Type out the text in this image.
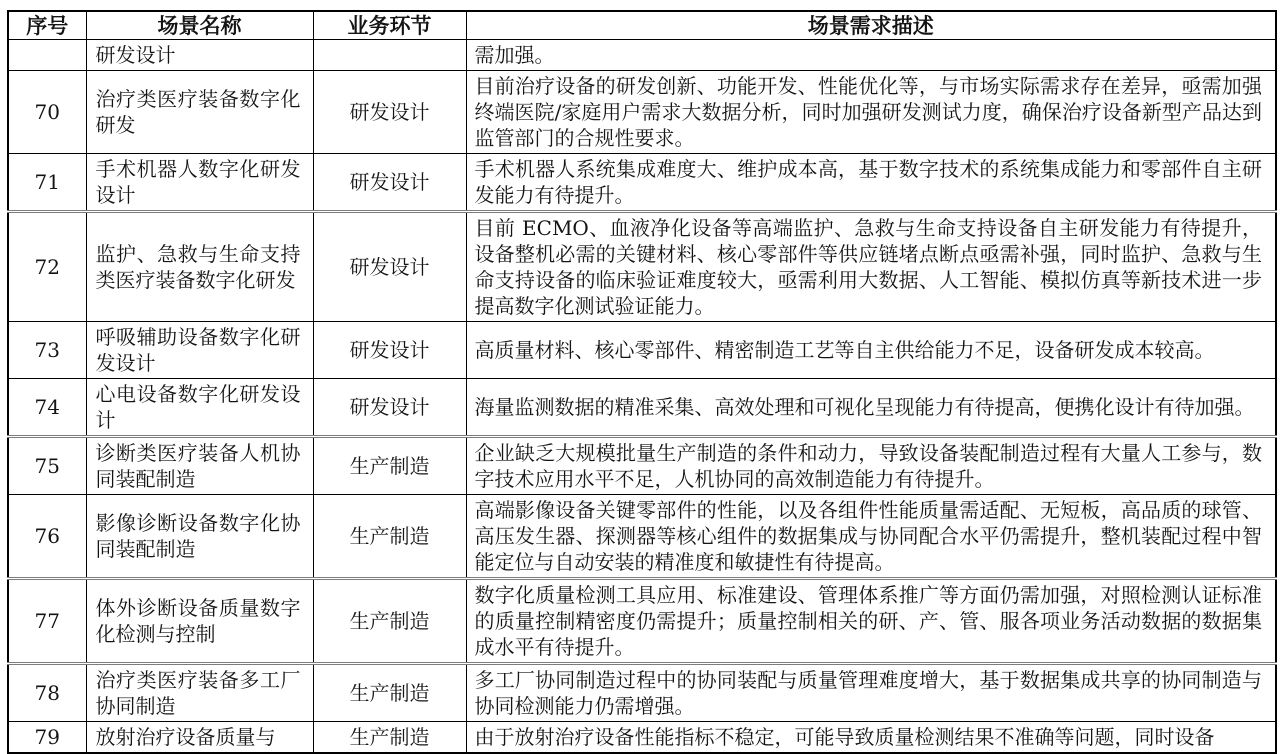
序号	场景名称	业务环节	场景需求描述
	研发设计		需加强。
70	治疗类医疗装备数字化研发	研发设计	目前治疗设备的研发创新、功能开发、性能优化等，与市场实际需求存在差异，亟需加强终端医院/家庭用户需求大数据分析，同时加强研发测试力度，确保治疗设备新型产品达到监管部门的合规性要求。
71	手术机器人数字化研发设计	研发设计	手术机器人系统集成难度大、维护成本高，基于数字技术的系统集成能力和零部件自主研发能力有待提升。
72	监护、急救与生命支持类医疗装备数字化研发	研发设计	目前 ECMO、血液净化设备等高端监护、急救与生命支持设备自主研发能力有待提升，设备整机必需的关键材料、核心零部件等供应链堵点断点亟需补强，同时监护、急救与生命支持设备的临床验证难度较大，亟需利用大数据、人工智能、模拟仿真等新技术进一步提高数字化测试验证能力。
73	呼吸辅助设备数字化研发设计	研发设计	高质量材料、核心零部件、精密制造工艺等自主供给能力不足，设备研发成本较高。
74	心电设备数字化研发设计	研发设计	海量监测数据的精准采集、高效处理和可视化呈现能力有待提高，便携化设计有待加强。
75	诊断类医疗装备人机协同装配制造	生产制造	企业缺乏大规模批量生产制造的条件和动力，导致设备装配制造过程有大量人工参与，数字技术应用水平不足，人机协同的高效制造能力有待提升。
76	影像诊断设备数字化协同装配制造	生产制造	高端影像设备关键零部件的性能，以及各组件性能质量需适配、无短板，高品质的球管、高压发生器、探测器等核心组件的数据集成与协同配合水平仍需提升，整机装配过程中智能定位与自动安装的精准度和敏捷性有待提高。
77	体外诊断设备质量数字化检测与控制	生产制造	数字化质量检测工具应用、标准建设、管理体系推广等方面仍需加强，对照检测认证标准的质量控制精密度仍需提升；质量控制相关的研、产、管、服各项业务活动数据的数据集成水平有待提升。
78	治疗类医疗装备多工厂协同制造	生产制造	多工厂协同制造过程中的协同装配与质量管理难度增大，基于数据集成共享的协同制造与协同检测能力仍需增强。
79	放射治疗设备质量与	生产制造	由于放射治疗设备性能指标不稳定，可能导致质量检测结果不准确等问题，同时设备
